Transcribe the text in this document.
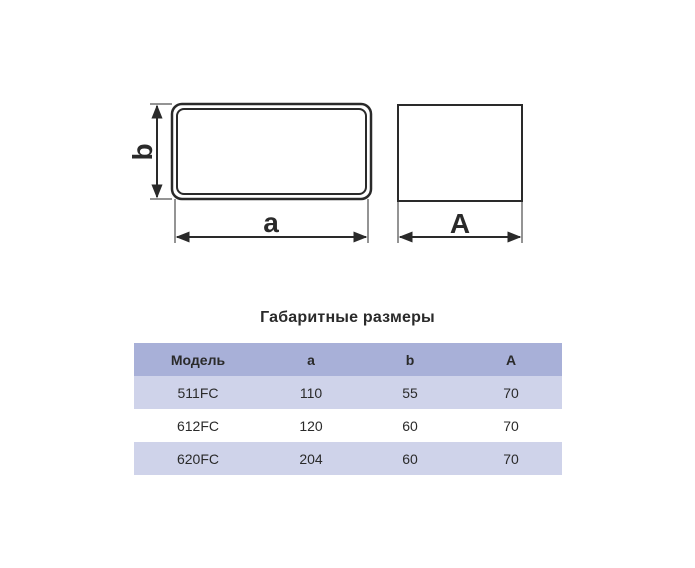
b
a	A
Габаритные размеры
Модель	a	b	A
511FC	110	55	70
612FC	120	60	70
620FC	204	60	70
